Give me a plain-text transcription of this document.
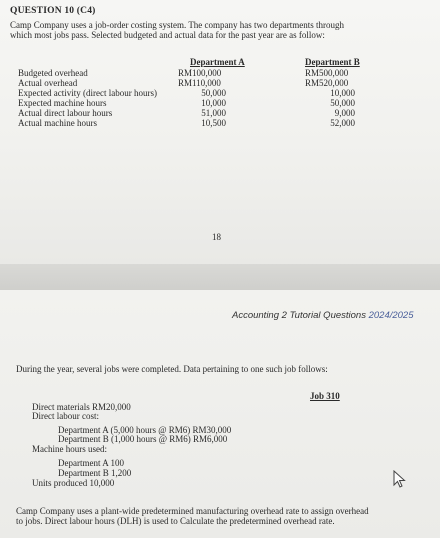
QUESTION 10 (C4)
Camp Company uses a job-order costing system. The company has two departments through
which most jobs pass. Selected budgeted and actual data for the past year are as follow:
Department A	Department B
Budgeted overhead	RM100,000	RM500,000
Actual overhead	RM110,000	RM520,000
Expected activity (direct labour hours)	50,000	10,000
Expected machine hours	10,000	50,000
Actual direct labour hours	51,000	9,000
Actual machine hours	10,500	52,000
18
Accounting 2 Tutorial Questions 2024/2025
During the year, several jobs were completed. Data pertaining to one such job follows:
Job 310
Direct materials RM20,000
Direct labour cost:
Department A (5,000 hours @ RM6) RM30,000
Department B (1,000 hours @ RM6) RM6,000
Machine hours used:
Department A 100
Department B 1,200
Units produced 10,000
Camp Company uses a plant-wide predetermined manufacturing overhead rate to assign overhead
to jobs. Direct labour hours (DLH) is used to Calculate the predetermined overhead rate.
